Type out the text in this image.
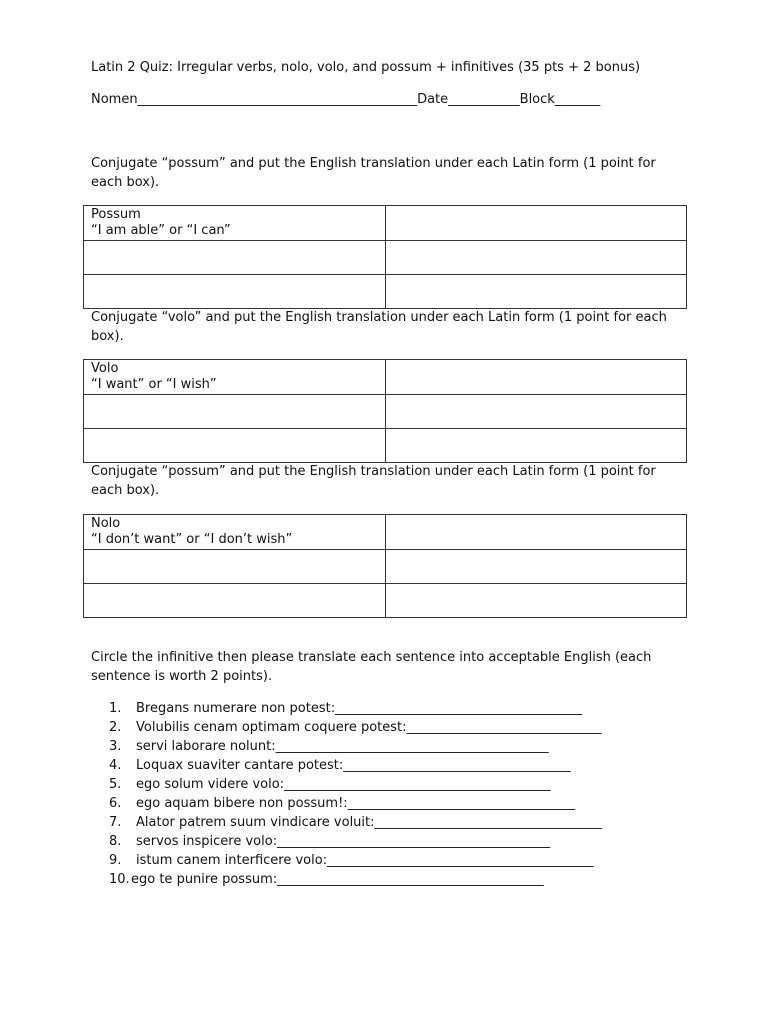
Latin 2 Quiz: Irregular verbs, nolo, volo, and possum + infinitives (35 pts + 2 bonus)
Nomen___________________________________________Date___________Block_______
Conjugate “possum” and put the English translation under each Latin form (1 point for each box).
Possum
“I am able” or “I can”	

Conjugate “volo” and put the English translation under each Latin form (1 point for each box).
Volo
“I want” or “I wish”	

Conjugate “possum” and put the English translation under each Latin form (1 point for each box).
Nolo
“I don’t want” or “I don’t wish”	

Circle the infinitive then please translate each sentence into acceptable English (each sentence is worth 2 points).
1. Bregans numerare non potest:______________________________________
2. Volubilis cenam optimam coquere potest:______________________________
3. servi laborare nolunt:__________________________________________
4. Loquax suaviter cantare potest:___________________________________
5. ego solum videre volo:_________________________________________
6. ego aquam bibere non possum!:___________________________________
7. Alator patrem suum vindicare voluit:___________________________________
8. servos inspicere volo:__________________________________________
9. istum canem interficere volo:_________________________________________
10.ego te punire possum:_________________________________________
